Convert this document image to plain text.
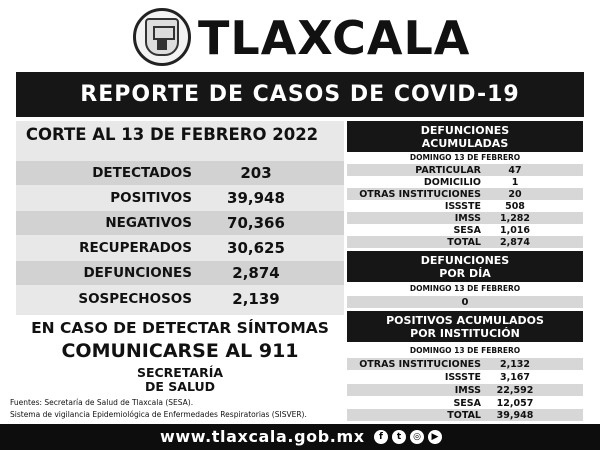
TLAXCALA
REPORTE DE CASOS DE COVID-19
CORTE AL 13 DE FEBRERO 2022
DETECTADOS	203
POSITIVOS	39,948
NEGATIVOS	70,366
RECUPERADOS	30,625
DEFUNCIONES	2,874
SOSPECHOSOS	2,139
EN CASO DE DETECTAR SÍNTOMAS
COMUNICARSE AL 911
SECRETARÍA
DE SALUD
Fuentes: Secretaría de Salud de Tlaxcala (SESA).
Sistema de vigilancia Epidemiológica de Enfermedades Respiratorias (SISVER).
DEFUNCIONES
ACUMULADAS
DOMINGO 13 DE FEBRERO
PARTICULAR	47
DOMICILIO	1
OTRAS INSTITUCIONES	20
ISSSTE	508
IMSS	1,282
SESA	1,016
TOTAL	2,874
DEFUNCIONES
POR DÍA
DOMINGO 13 DE FEBRERO
0
POSITIVOS ACUMULADOS
POR INSTITUCIÓN
DOMINGO 13 DE FEBRERO
OTRAS INSTITUCIONES	2,132
ISSSTE	3,167
IMSS	22,592
SESA	12,057
TOTAL	39,948
www.tlaxcala.gob.mx	f	t	◎	▶
